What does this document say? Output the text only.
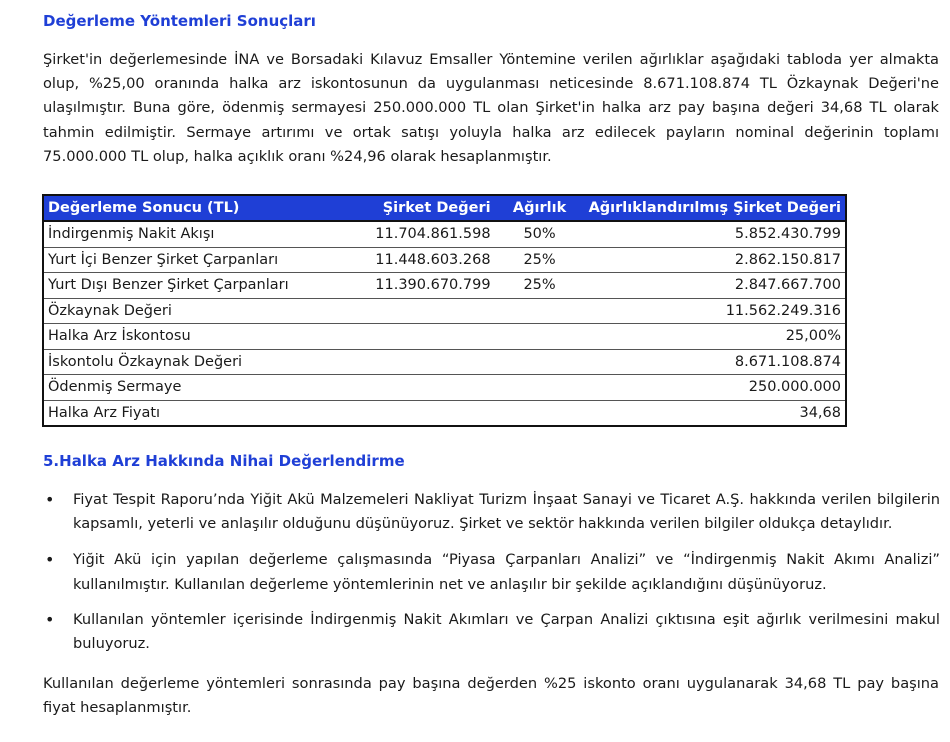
Değerleme Yöntemleri Sonuçları

Şirket'in değerlemesinde İNA ve Borsadaki Kılavuz Emsaller Yöntemine verilen ağırlıklar aşağıdaki tabloda yer almakta olup, %25,00 oranında halka arz iskontosunun da uygulanması neticesinde 8.671.108.874 TL Özkaynak Değeri'ne ulaşılmıştır. Buna göre, ödenmiş sermayesi 250.000.000 TL olan Şirket'in halka arz pay başına değeri 34,68 TL olarak tahmin edilmiştir. Sermaye artırımı ve ortak satışı yoluyla halka arz edilecek payların nominal değerinin toplamı 75.000.000 TL olup, halka açıklık oranı %24,96 olarak hesaplanmıştır.

Değerleme Sonucu (TL)	Şirket Değeri	Ağırlık	Ağırlıklandırılmış Şirket Değeri
İndirgenmiş Nakit Akışı	11.704.861.598	50%	5.852.430.799
Yurt İçi Benzer Şirket Çarpanları	11.448.603.268	25%	2.862.150.817
Yurt Dışı Benzer Şirket Çarpanları	11.390.670.799	25%	2.847.667.700
Özkaynak Değeri			11.562.249.316
Halka Arz İskontosu			25,00%
İskontolu Özkaynak Değeri			8.671.108.874
Ödenmiş Sermaye			250.000.000
Halka Arz Fiyatı			34,68
5.Halka Arz Hakkında Nihai Değerlendirme
• Fiyat Tespit Raporu’nda Yiğit Akü Malzemeleri Nakliyat Turizm İnşaat Sanayi ve Ticaret A.Ş. hakkında verilen bilgilerin kapsamlı, yeterli ve anlaşılır olduğunu düşünüyoruz. Şirket ve sektör hakkında verilen bilgiler oldukça detaylıdır.
• Yiğit Akü için yapılan değerleme çalışmasında “Piyasa Çarpanları Analizi” ve “İndirgenmiş Nakit Akımı Analizi” kullanılmıştır. Kullanılan değerleme yöntemlerinin net ve anlaşılır bir şekilde açıklandığını düşünüyoruz.
• Kullanılan yöntemler içerisinde İndirgenmiş Nakit Akımları ve Çarpan Analizi çıktısına eşit ağırlık verilmesini makul buluyoruz.

Kullanılan değerleme yöntemleri sonrasında pay başına değerden %25 iskonto oranı uygulanarak 34,68 TL pay başına fiyat hesaplanmıştır.
